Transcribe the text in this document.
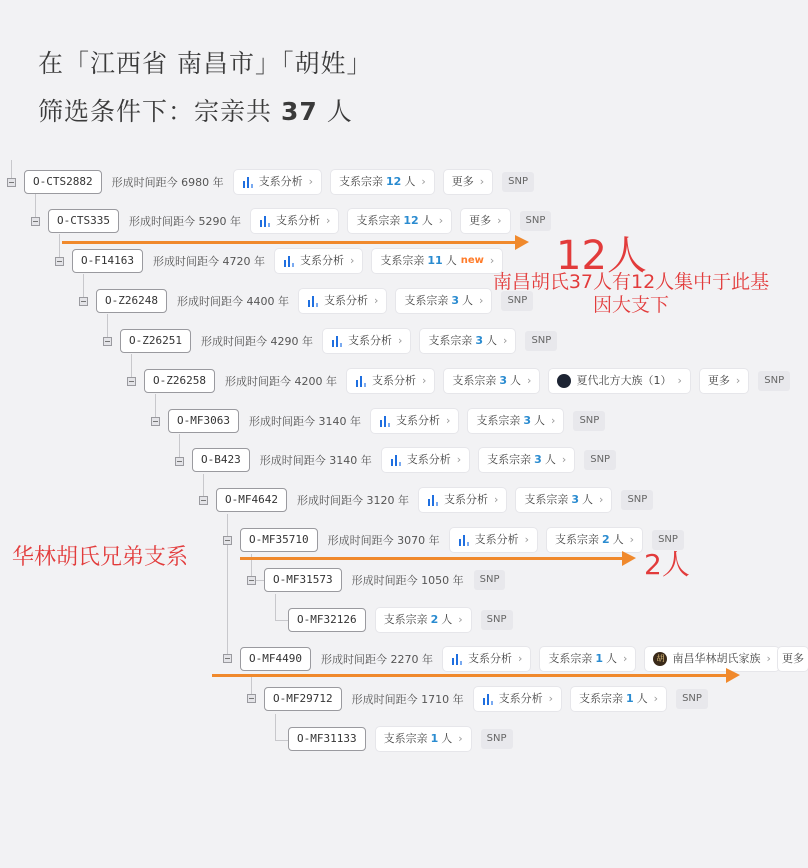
在「江西省 南昌市」「胡姓」
筛选条件下：宗亲共 37 人
O-CTS2882	形成时间距今 6980 年	支系分析 › 支系宗亲 12 人 › 更多 ›	SNP
O-CTS335	形成时间距今 5290 年	支系分析 › 支系宗亲 12 人 › 更多 ›	SNP
O-F14163	形成时间距今 4720 年	支系分析 › 支系宗亲 11 人 new ›
O-Z26248	形成时间距今 4400 年	支系分析 › 支系宗亲 3 人 ›	SNP
O-Z26251	形成时间距今 4290 年	支系分析 › 支系宗亲 3 人 ›	SNP
O-Z26258	形成时间距今 4200 年	支系分析 › 支系宗亲 3 人 ›	夏代北方大族（1） › 更多 ›	SNP
O-MF3063	形成时间距今 3140 年	支系分析 › 支系宗亲 3 人 ›	SNP
O-B423	形成时间距今 3140 年	支系分析 › 支系宗亲 3 人 ›	SNP
O-MF4642	形成时间距今 3120 年	支系分析 › 支系宗亲 3 人 ›	SNP
O-MF35710	形成时间距今 3070 年	支系分析 › 支系宗亲 2 人 ›	SNP
O-MF31573	形成时间距今 1050 年	SNP
O-MF32126	支系宗亲 2 人 ›	SNP
O-MF4490	形成时间距今 2270 年	支系分析 › 支系宗亲 1 人 ›	胡 南昌华林胡氏家族 › 更多
O-MF29712	形成时间距今 1710 年	支系分析 › 支系宗亲 1 人 ›	SNP
O-MF31133	支系宗亲 1 人 ›	SNP
12人
南昌胡氏37人有12人集中于此基
因大支下
华林胡氏兄弟支系	2人
